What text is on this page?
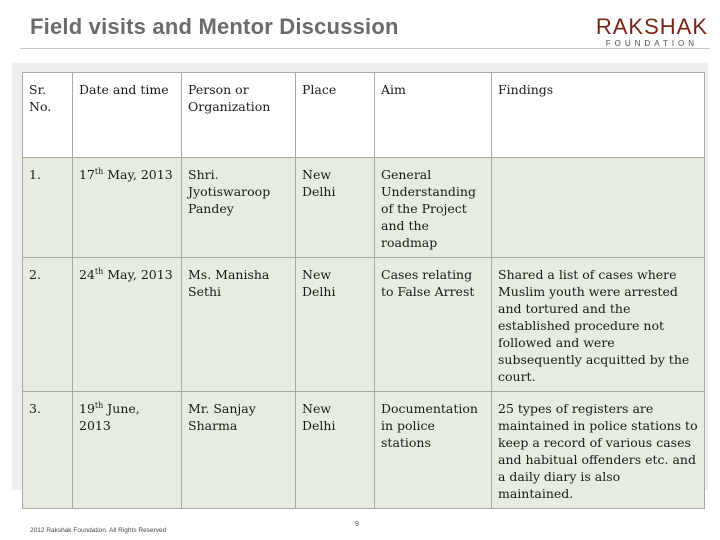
Field visits and Mentor Discussion	RAKSHAK
FOUNDATION
Sr. No.	Date and time	Person or Organization	Place	Aim	Findings
1.	17th May, 2013	Shri. Jyotiswaroop Pandey	New Delhi	General Understanding of the Project and the roadmap	
2.	24th May, 2013	Ms. Manisha Sethi	New Delhi	Cases relating to False Arrest	Shared a list of cases where Muslim youth were arrested and tortured and the established procedure not followed and were subsequently acquitted by the court.
3.	19th June, 2013	Mr. Sanjay Sharma	New Delhi	Documentation in police stations	25 types of registers are maintained in police stations to keep a record of various cases and habitual offenders etc. and a daily diary is also maintained.
2012 Rakshak Foundation. All Rights Reserved
9
